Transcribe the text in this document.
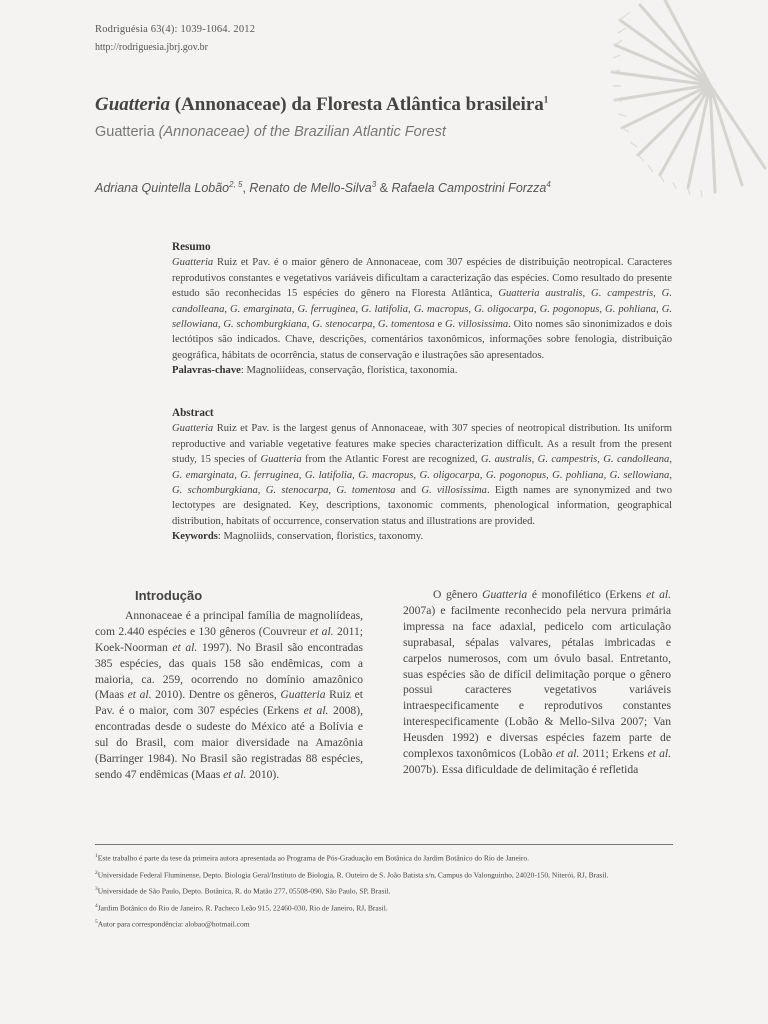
Rodriguésia 63(4): 1039-1064. 2012
http://rodriguesia.jbrj.gov.br
Guatteria (Annonaceae) da Floresta Atlântica brasileira$^1$
Guatteria (Annonaceae) of the Brazilian Atlantic Forest
Adriana Quintella Lobão$^{2, 5}$, Renato de Mello-Silva$^3$ & Rafaela Campostrini Forzza$^4$
Resumo

Guatteria Ruiz et Pav. é o maior gênero de Annonaceae, com 307 espécies de distribuição neotropical. Caracteres reprodutivos constantes e vegetativos variáveis dificultam a caracterização das espécies. Como resultado do presente estudo são reconhecidas 15 espécies do gênero na Floresta Atlântica, Guatteria australis, G. campestris, G. candolleana, G. emarginata, G. ferruginea, G. latifolia, G. macropus, G. oligocarpa, G. pogonopus, G. pohliana, G. sellowiana, G. schomburgkiana, G. stenocarpa, G. tomentosa e G. villosissima. Oito nomes são sinonimizados e dois lectótipos são indicados. Chave, descrições, comentários taxonômicos, informações sobre fenologia, distribuição geográfica, hábitats de ocorrência, status de conservação e ilustrações são apresentados.

Palavras-chave: Magnoliídeas, conservação, florística, taxonomia.

Abstract

Guatteria Ruiz et Pav. is the largest genus of Annonaceae, with 307 species of neotropical distribution. Its uniform reproductive and variable vegetative features make species characterization difficult. As a result from the present study, 15 species of Guatteria from the Atlantic Forest are recognized, G. australis, G. campestris, G. candolleana, G. emarginata, G. ferruginea, G. latifolia, G. macropus, G. oligocarpa, G. pogonopus, G. pohliana, G. sellowiana, G. schomburgkiana, G. stenocarpa, G. tomentosa and G. villosissima. Eigth names are synonymized and two lectotypes are designated. Key, descriptions, taxonomic comments, phenological information, geographical distribution, habitats of occurrence, conservation status and illustrations are provided.

Keywords: Magnoliids, conservation, floristics, taxonomy.

Introdução

Annonaceae é a principal família de magnoliídeas, com 2.440 espécies e 130 gêneros (Couvreur et al. 2011; Koek-Noorman et al. 1997). No Brasil são encontradas 385 espécies, das quais 158 são endêmicas, com a maioria, ca. 259, ocorrendo no domínio amazônico (Maas et al. 2010). Dentre os gêneros, Guatteria Ruiz et Pav. é o maior, com 307 espécies (Erkens et al. 2008), encontradas desde o sudeste do México até a Bolívia e sul do Brasil, com maior diversidade na Amazônia (Barringer 1984). No Brasil são registradas 88 espécies, sendo 47 endêmicas (Maas et al. 2010).

O gênero Guatteria é monofilético (Erkens et al. 2007a) e facilmente reconhecido pela nervura primária impressa na face adaxial, pedicelo com articulação suprabasal, sépalas valvares, pétalas imbricadas e carpelos numerosos, com um óvulo basal. Entretanto, suas espécies são de difícil delimitação porque o gênero possui caracteres vegetativos variáveis intraespecificamente e reprodutivos constantes interespecificamente (Lobão & Mello-Silva 2007; Van Heusden 1992) e diversas espécies fazem parte de complexos taxonômicos (Lobão et al. 2011; Erkens et al. 2007b). Essa dificuldade de delimitação é refletida

$^1$Este trabalho é parte da tese da primeira autora apresentada ao Programa de Pós-Graduação em Botânica do Jardim Botânico do Rio de Janeiro.
$^2$Universidade Federal Fluminense, Depto. Biologia Geral/Instituto de Biologia, R. Outeiro de S. João Batista s/n, Campus do Valonguinho, 24020-150, Niterói, RJ, Brasil.
$^3$Universidade de São Paulo, Depto. Botânica, R. do Matão 277, 05508-090, São Paulo, SP, Brasil.
$^4$Jardim Botânico do Rio de Janeiro, R. Pacheco Leão 915, 22460-030, Rio de Janeiro, RJ, Brasil.
$^5$Autor para correspondência: alobao@hotmail.com
